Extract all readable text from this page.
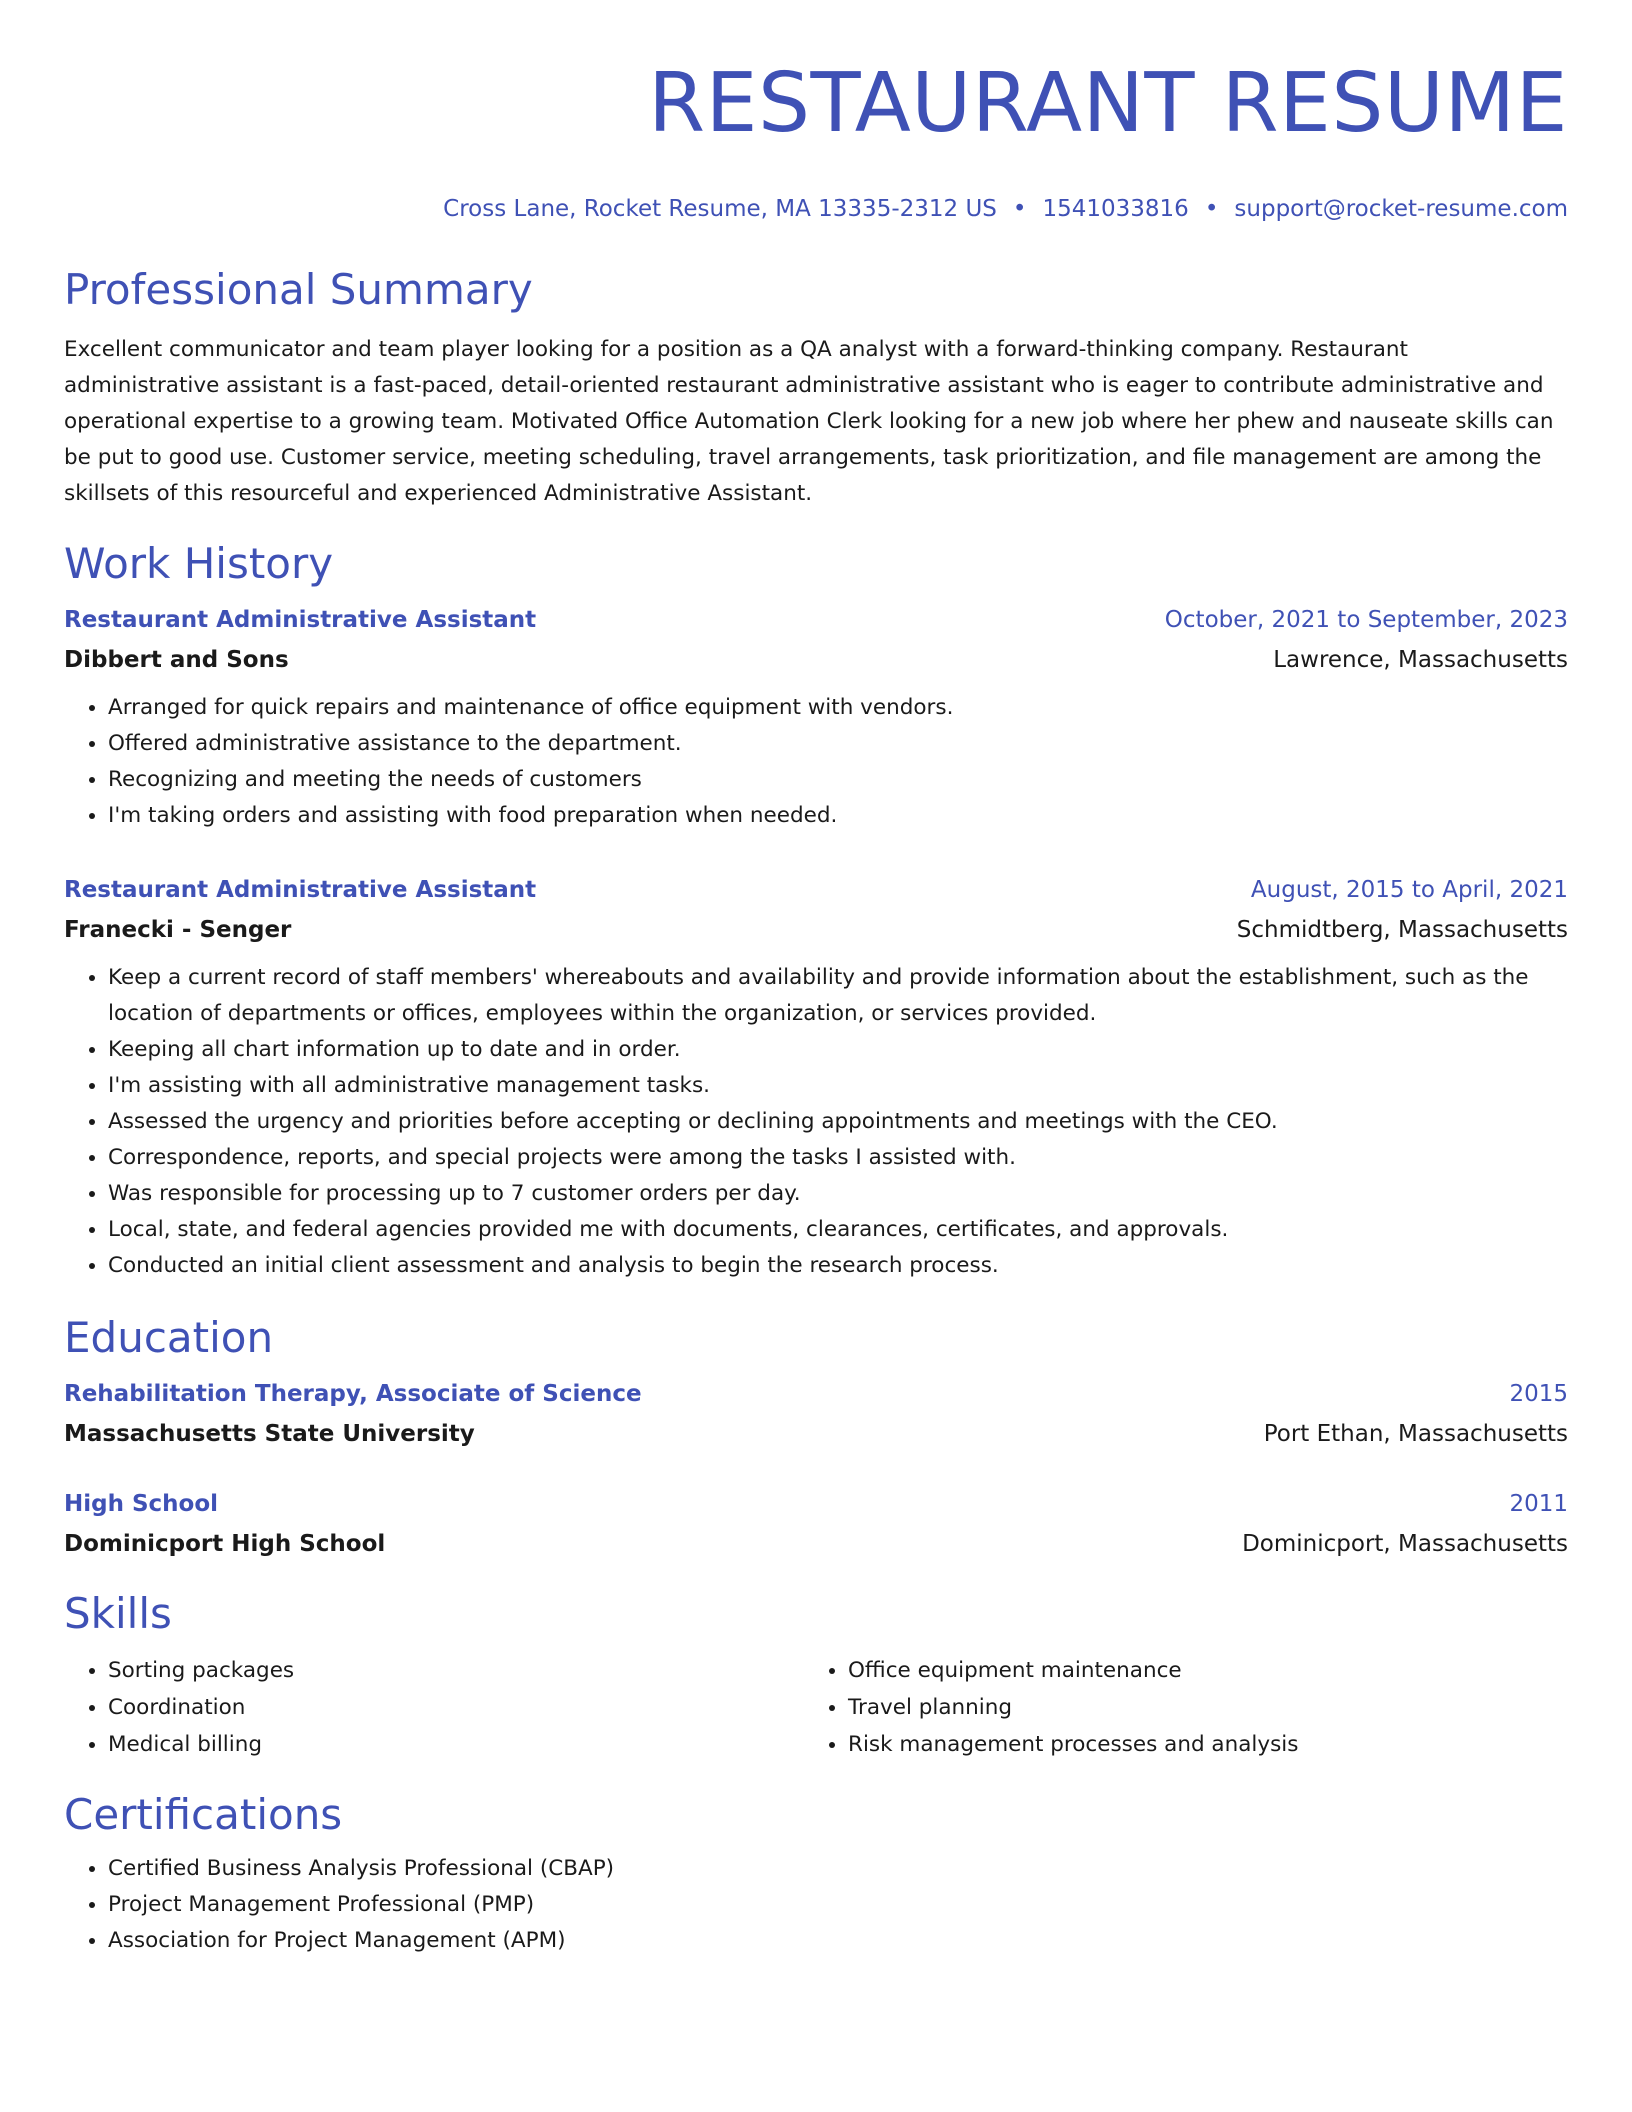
RESTAURANT RESUME
Cross Lane, Rocket Resume, MA 13335-2312 US • 1541033816 • support@rocket-resume.com
Professional Summary

Excellent communicator and team player looking for a position as a QA analyst with a forward-thinking company. Restaurant administrative assistant is a fast-paced, detail-oriented restaurant administrative assistant who is eager to contribute administrative and operational expertise to a growing team. Motivated Office Automation Clerk looking for a new job where her phew and nauseate skills can be put to good use. Customer service, meeting scheduling, travel arrangements, task prioritization, and file management are among the skillsets of this resourceful and experienced Administrative Assistant.

Work History
Restaurant Administrative Assistant	October, 2021 to September, 2023
Dibbert and Sons	Lawrence, Massachusetts
• Arranged for quick repairs and maintenance of office equipment with vendors.
• Offered administrative assistance to the department.
• Recognizing and meeting the needs of customers
• I'm taking orders and assisting with food preparation when needed.
Restaurant Administrative Assistant	August, 2015 to April, 2021
Franecki - Senger	Schmidtberg, Massachusetts
• Keep a current record of staff members' whereabouts and availability and provide information about the establishment, such as the location of departments or offices, employees within the organization, or services provided.
• Keeping all chart information up to date and in order.
• I'm assisting with all administrative management tasks.
• Assessed the urgency and priorities before accepting or declining appointments and meetings with the CEO.
• Correspondence, reports, and special projects were among the tasks I assisted with.
• Was responsible for processing up to 7 customer orders per day.
• Local, state, and federal agencies provided me with documents, clearances, certificates, and approvals.
• Conducted an initial client assessment and analysis to begin the research process.
Education
Rehabilitation Therapy, Associate of Science	2015
Massachusetts State University	Port Ethan, Massachusetts
High School	2011
Dominicport High School	Dominicport, Massachusetts
Skills
• Sorting packages
• Coordination
• Medical billing
• Office equipment maintenance
• Travel planning
• Risk management processes and analysis
Certifications
• Certified Business Analysis Professional (CBAP)
• Project Management Professional (PMP)
• Association for Project Management (APM)
